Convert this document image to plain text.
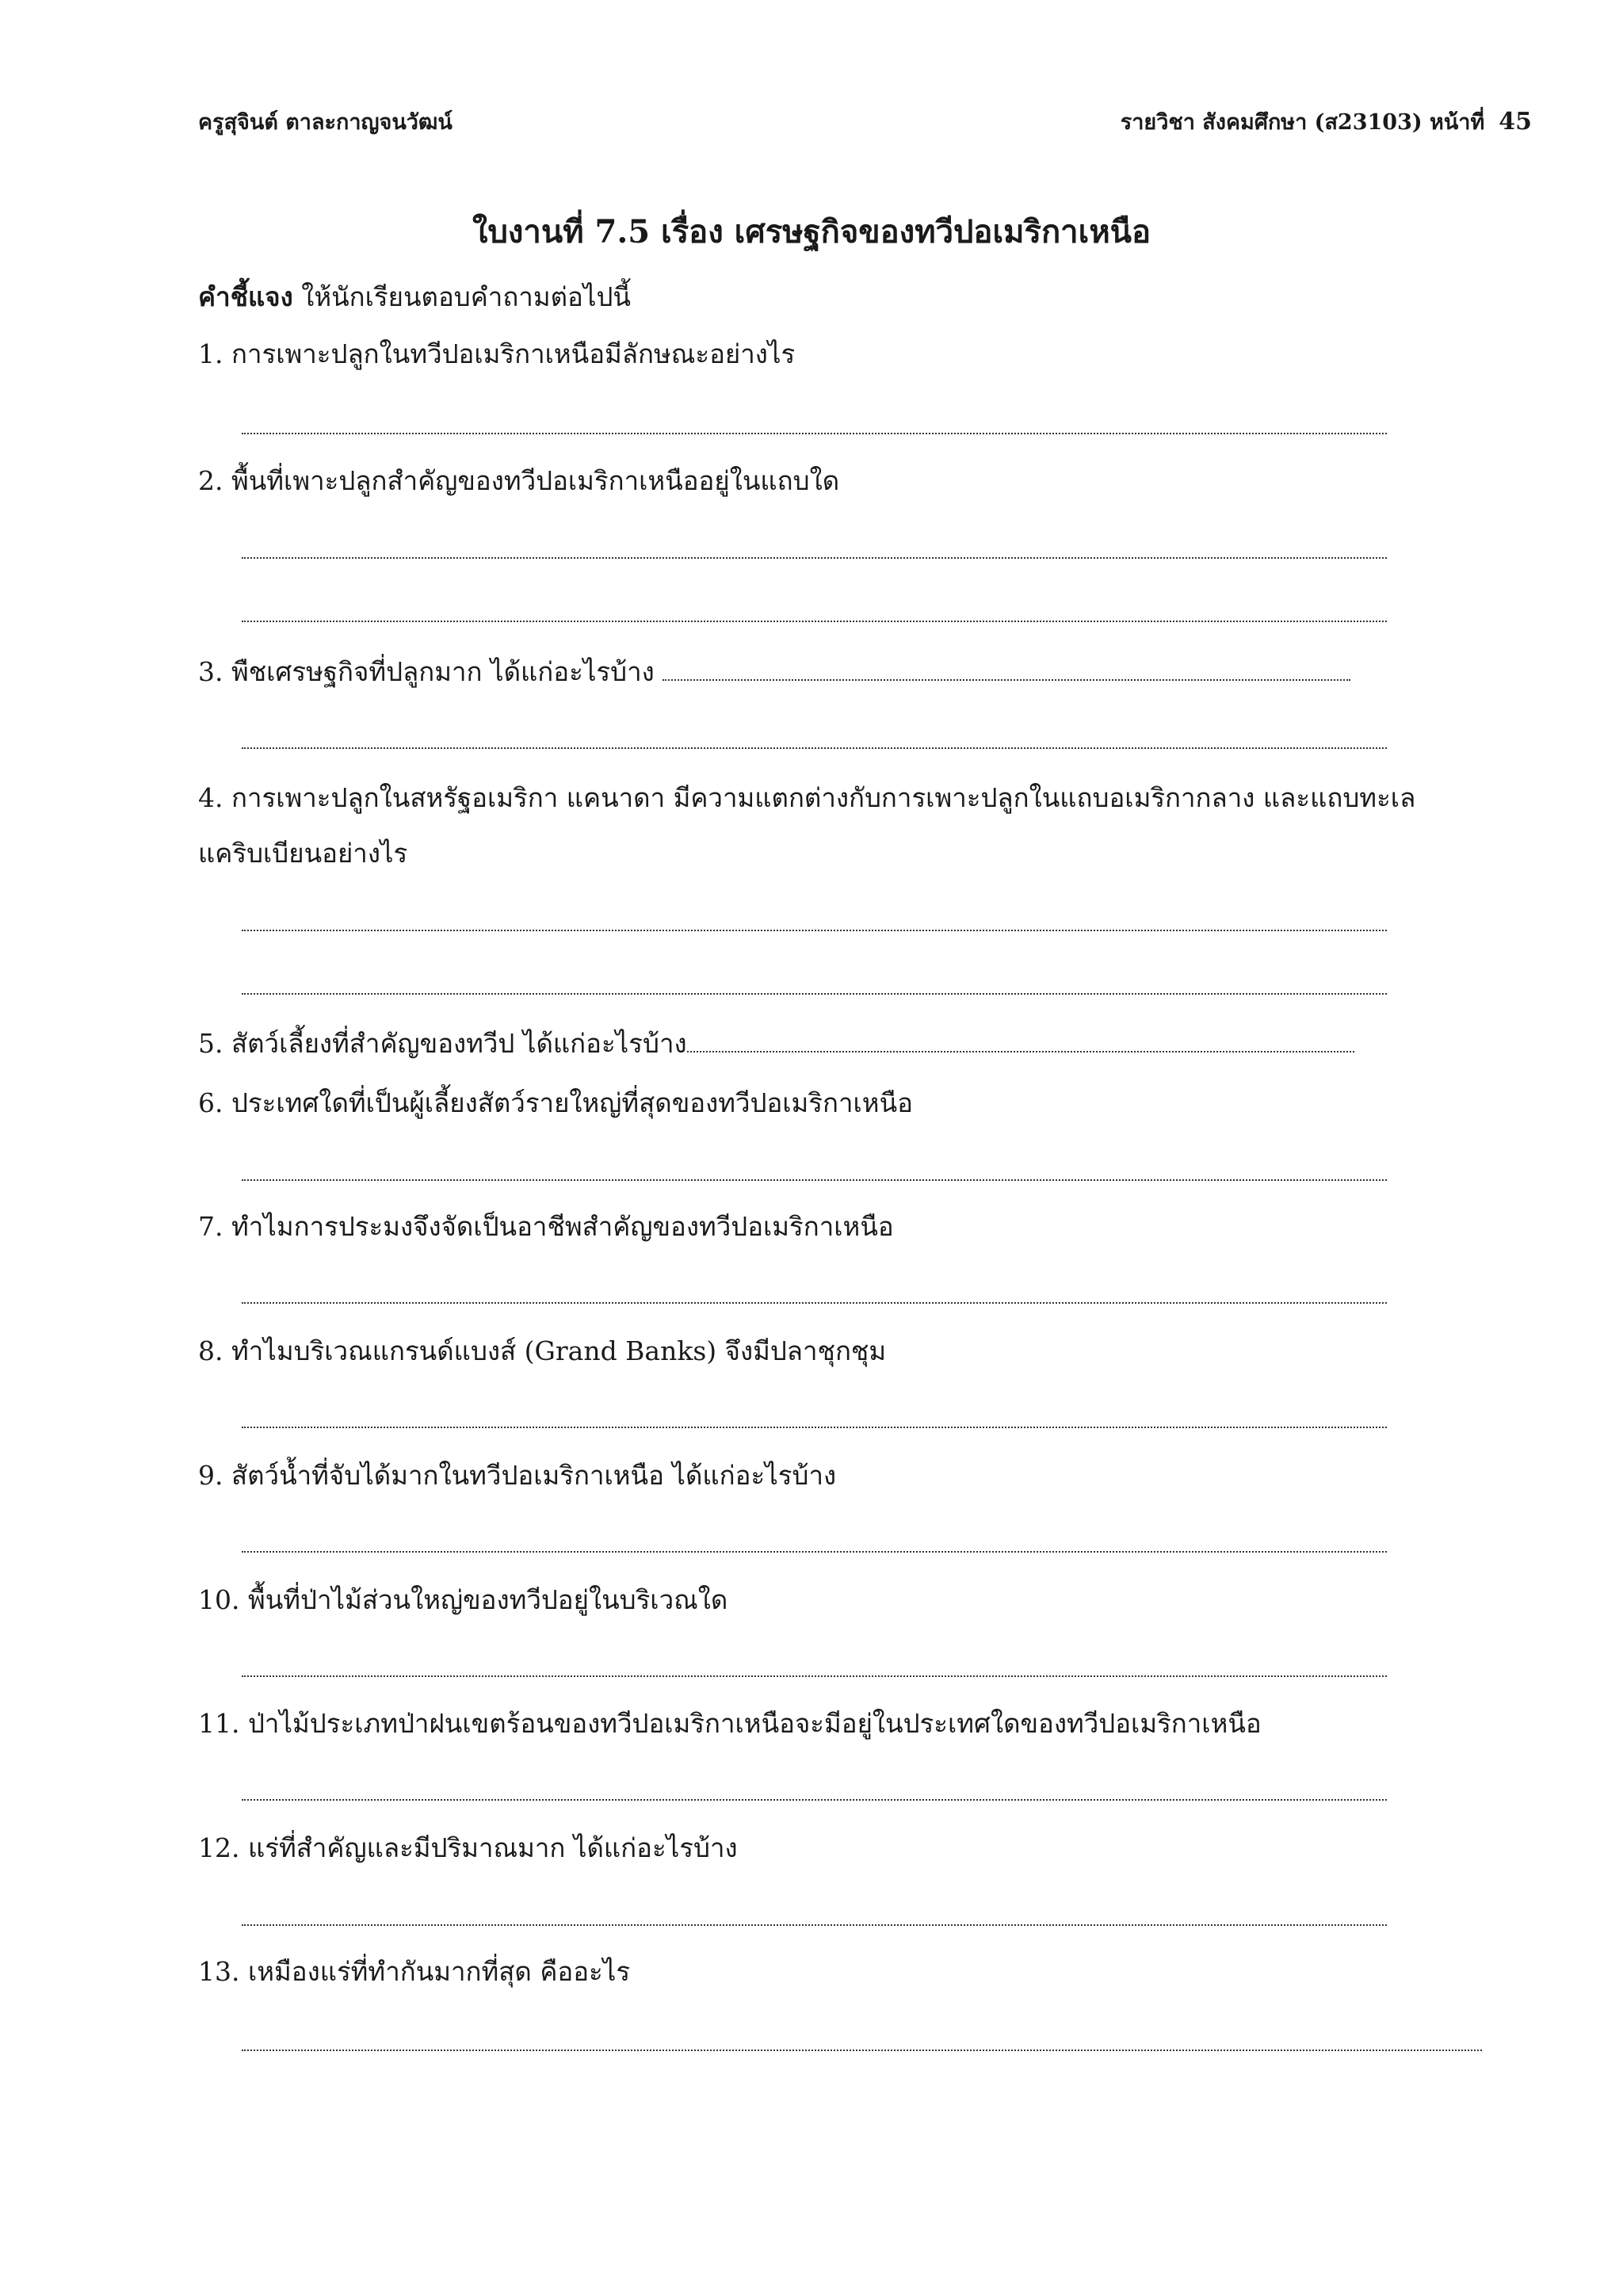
ครูสุจินต์ ตาละกาญจนวัฒน์	รายวิชา สังคมศึกษา (ส23103) หน้าที่ 45
ใบงานที่ 7.5 เรื่อง เศรษฐกิจของทวีปอเมริกาเหนือ
คำชี้แจง ให้นักเรียนตอบคำถามต่อไปนี้
1. การเพาะปลูกในทวีปอเมริกาเหนือมีลักษณะอย่างไร
2. พื้นที่เพาะปลูกสำคัญของทวีปอเมริกาเหนืออยู่ในแถบใด
3. พืชเศรษฐกิจที่ปลูกมาก ได้แก่อะไรบ้าง
4. การเพาะปลูกในสหรัฐอเมริกา แคนาดา มีความแตกต่างกับการเพาะปลูกในแถบอเมริกากลาง และแถบทะเล
แคริบเบียนอย่างไร
5. สัตว์เลี้ยงที่สำคัญของทวีป ได้แก่อะไรบ้าง
6. ประเทศใดที่เป็นผู้เลี้ยงสัตว์รายใหญ่ที่สุดของทวีปอเมริกาเหนือ
7. ทำไมการประมงจึงจัดเป็นอาชีพสำคัญของทวีปอเมริกาเหนือ
8. ทำไมบริเวณแกรนด์แบงส์ (Grand Banks) จึงมีปลาชุกชุม
9. สัตว์น้ำที่จับได้มากในทวีปอเมริกาเหนือ ได้แก่อะไรบ้าง
10. พื้นที่ป่าไม้ส่วนใหญ่ของทวีปอยู่ในบริเวณใด
11. ป่าไม้ประเภทป่าฝนเขตร้อนของทวีปอเมริกาเหนือจะมีอยู่ในประเทศใดของทวีปอเมริกาเหนือ
12. แร่ที่สำคัญและมีปริมาณมาก ได้แก่อะไรบ้าง
13. เหมืองแร่ที่ทำกันมากที่สุด คืออะไร
